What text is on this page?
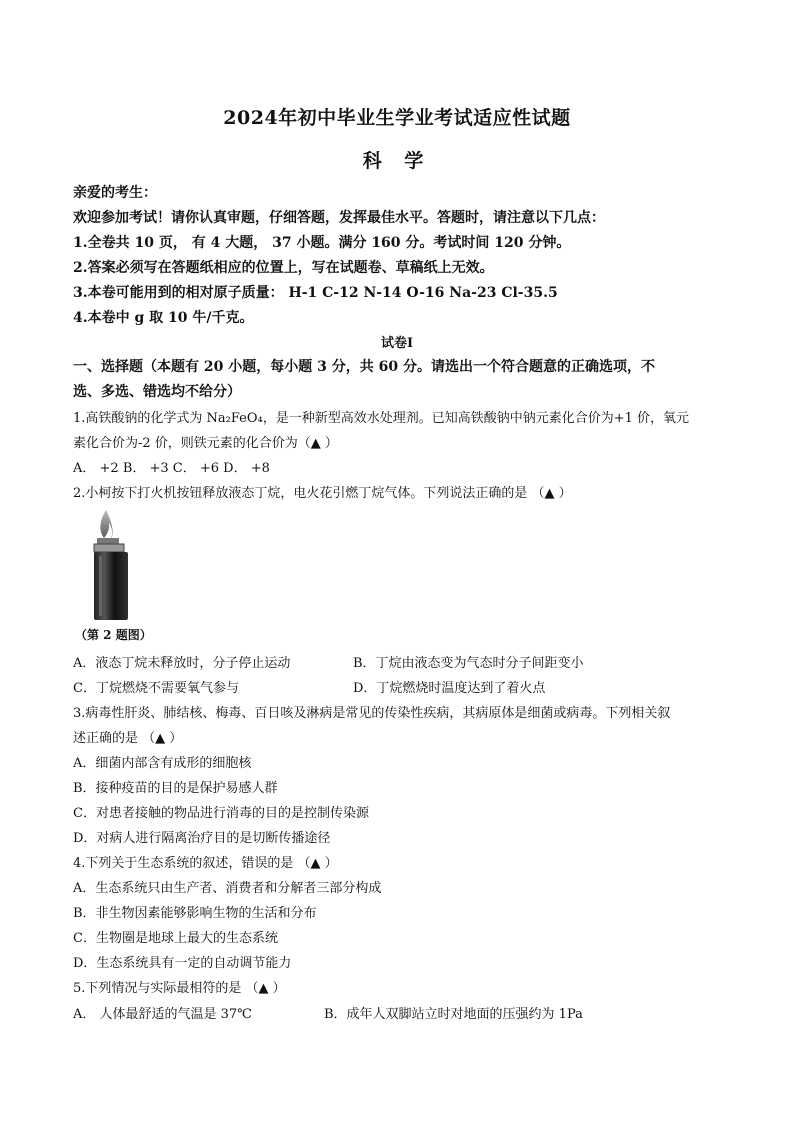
2024年初中毕业生学业考试适应性试题
科 学
亲爱的考生：
欢迎参加考试！请你认真审题，仔细答题，发挥最佳水平。答题时，请注意以下几点：
1.全卷共 10 页， 有 4 大题， 37 小题。满分 160 分。考试时间 120 分钟。
2.答案必须写在答题纸相应的位置上，写在试题卷、草稿纸上无效。
3.本卷可能用到的相对原子质量： H-1 C-12 N-14 O-16 Na-23 Cl-35.5
4.本卷中 g 取 10 牛/千克。
试卷Ⅰ
一、选择题（本题有 20 小题，每小题 3 分，共 60 分。请选出一个符合题意的正确选项，不
选、多选、错选均不给分）
1.高铁酸钠的化学式为 Na₂FeO₄，是一种新型高效水处理剂。已知高铁酸钠中钠元素化合价为+1 价，氧元
素化合价为-2 价，则铁元素的化合价为（▲ ）
A． +2 B． +3 C． +6 D． +8
2.小柯按下打火机按钮释放液态丁烷，电火花引燃丁烷气体。下列说法正确的是 （▲ ）
（第 2 题图）
A．液态丁烷未释放时，分子停止运动	B．丁烷由液态变为气态时分子间距变小
C．丁烷燃烧不需要氧气参与	D．丁烷燃烧时温度达到了着火点
3.病毒性肝炎、肺结核、梅毒、百日咳及淋病是常见的传染性疾病，其病原体是细菌或病毒。下列相关叙
述正确的是 （▲ ）
A．细菌内部含有成形的细胞核
B．接种疫苗的目的是保护易感人群
C．对患者接触的物品进行消毒的目的是控制传染源
D．对病人进行隔离治疗目的是切断传播途径
4.下列关于生态系统的叙述，错误的是 （▲ ）
A．生态系统只由生产者、消费者和分解者三部分构成
B．非生物因素能够影响生物的生活和分布
C．生物圈是地球上最大的生态系统
D．生态系统具有一定的自动调节能力
5.下列情况与实际最相符的是 （▲ ）
A． 人体最舒适的气温是 37℃	B．成年人双脚站立时对地面的压强约为 1Pa
